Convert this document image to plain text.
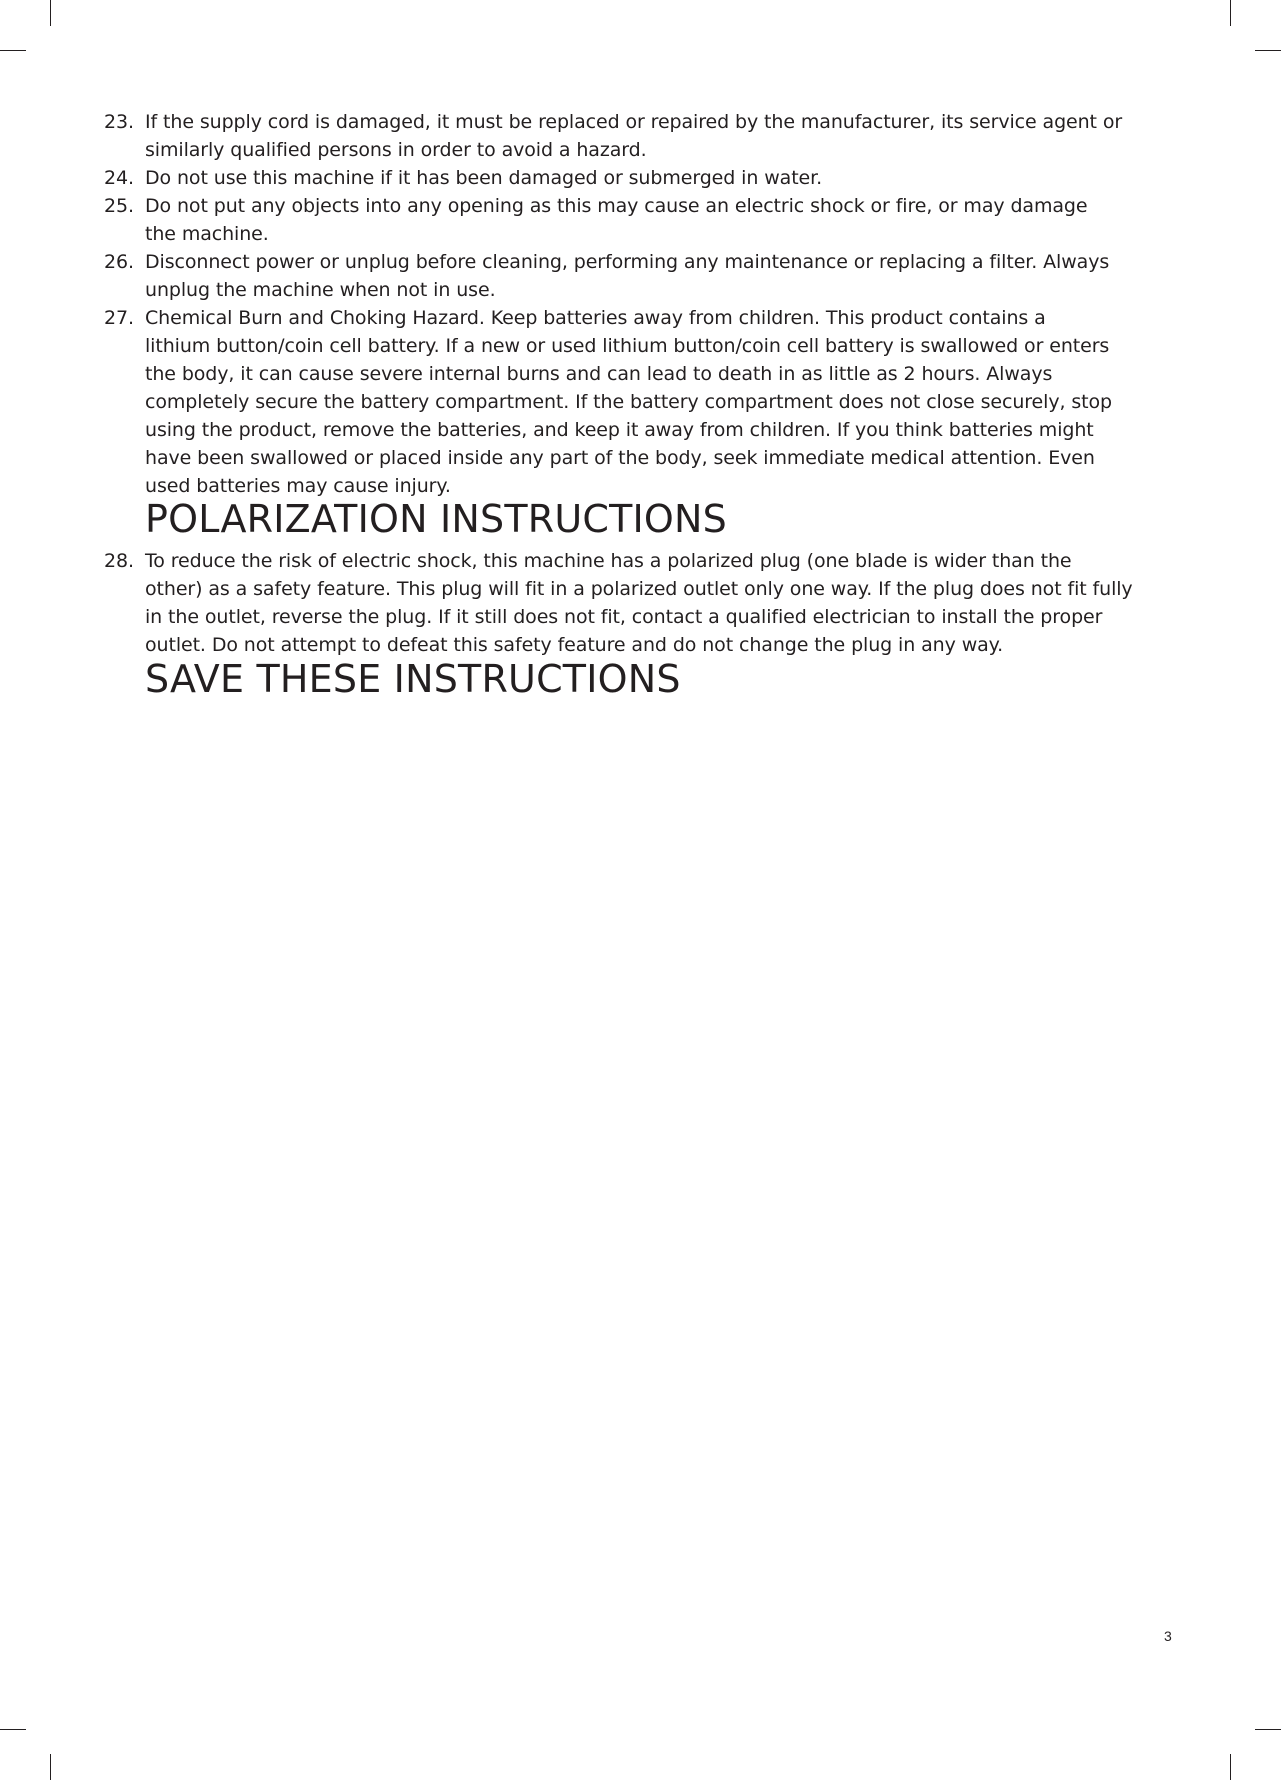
23. If the supply cord is damaged, it must be replaced or repaired by the manufacturer, its service agent or
similarly qualified persons in order to avoid a hazard.
24. Do not use this machine if it has been damaged or submerged in water.
25. Do not put any objects into any opening as this may cause an electric shock or fire, or may damage
the machine.
26. Disconnect power or unplug before cleaning, performing any maintenance or replacing a filter. Always
unplug the machine when not in use.
27. Chemical Burn and Choking Hazard. Keep batteries away from children. This product contains a
lithium button/coin cell battery. If a new or used lithium button/coin cell battery is swallowed or enters
the body, it can cause severe internal burns and can lead to death in as little as 2 hours. Always
completely secure the battery compartment. If the battery compartment does not close securely, stop
using the product, remove the batteries, and keep it away from children. If you think batteries might
have been swallowed or placed inside any part of the body, seek immediate medical attention. Even
used batteries may cause injury.
POLARIZATION INSTRUCTIONS
28. To reduce the risk of electric shock, this machine has a polarized plug (one blade is wider than the
other) as a safety feature. This plug will fit in a polarized outlet only one way. If the plug does not fit fully
in the outlet, reverse the plug. If it still does not fit, contact a qualified electrician to install the proper
outlet. Do not attempt to defeat this safety feature and do not change the plug in any way.
SAVE THESE INSTRUCTIONS
3
